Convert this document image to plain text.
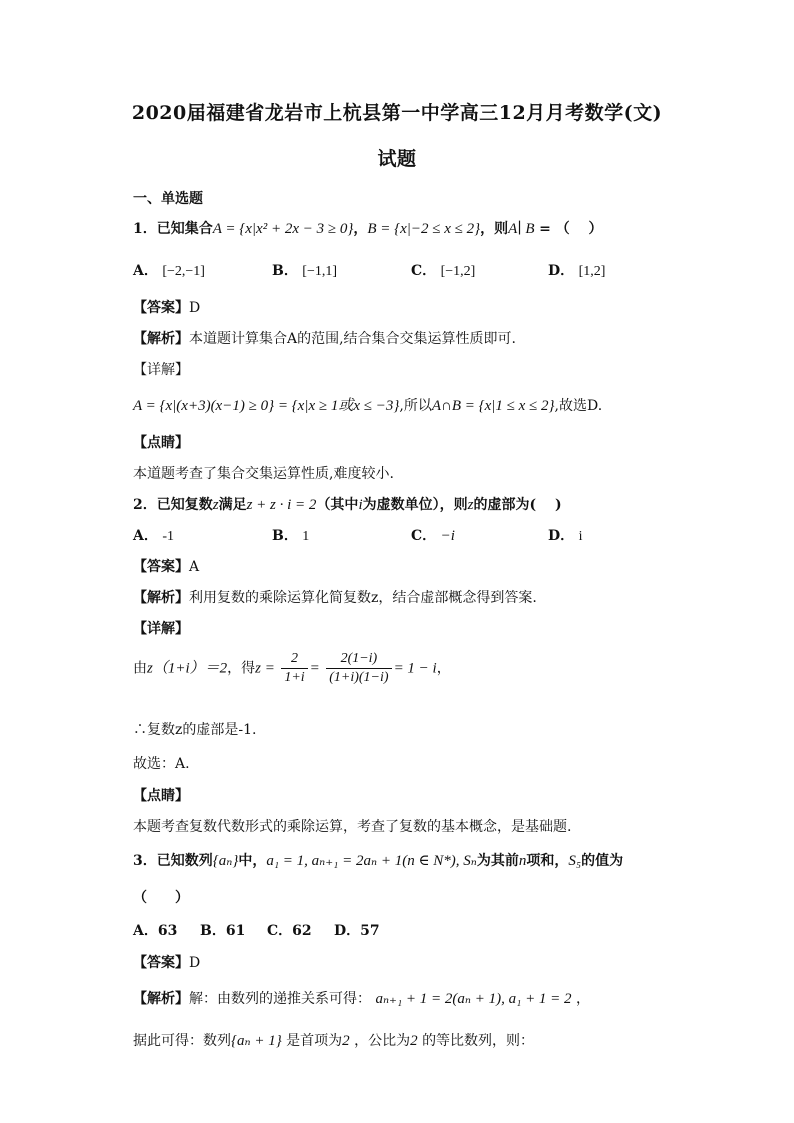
2020届福建省龙岩市上杭县第一中学高三12月月考数学(文)
试题
一、单选题
1．已知集合A = {x|x² + 2x − 3 ≥ 0}，B = {x|−2 ≤ x ≤ 2}，则A∣ B = （　 ）
A． [−2,−1]	B． [−1,1]	C． [−1,2]	D． [1,2]
【答案】D
【解析】本道题计算集合A的范围,结合集合交集运算性质即可.
【详解】
A = {x|(x+3)(x−1) ≥ 0} = {x|x ≥ 1或x ≤ −3},所以A∩B = {x|1 ≤ x ≤ 2},故选D.
【点睛】
本道题考查了集合交集运算性质,难度较小.
2．已知复数z满足z + z · i = 2（其中i为虚数单位），则z的虚部为(　 )
A． -1	B． 1	C． −i	D． i
【答案】A
【解析】利用复数的乘除运算化简复数z，结合虚部概念得到答案.
【详解】
由z（1+i）＝2，得$z = \frac{2}{1+i} = \frac{2(1-i)}{(1+i)(1-i)} = 1 - i$，
∴复数z的虚部是-1.
故选：A.
【点睛】
本题考查复数代数形式的乘除运算，考查了复数的基本概念，是基础题.
3．已知数列{aₙ}中，a₁ = 1, aₙ₊₁ = 2aₙ + 1(n ∈ N*), Sₙ为其前n项和，S₅的值为
（　　）
A．63 B．61 C．62 D．57
【答案】D
【解析】解：由数列的递推关系可得： aₙ₊₁ + 1 = 2(aₙ + 1), a₁ + 1 = 2 ，
据此可得：数列{aₙ + 1} 是首项为2 ，公比为2 的等比数列，则：
